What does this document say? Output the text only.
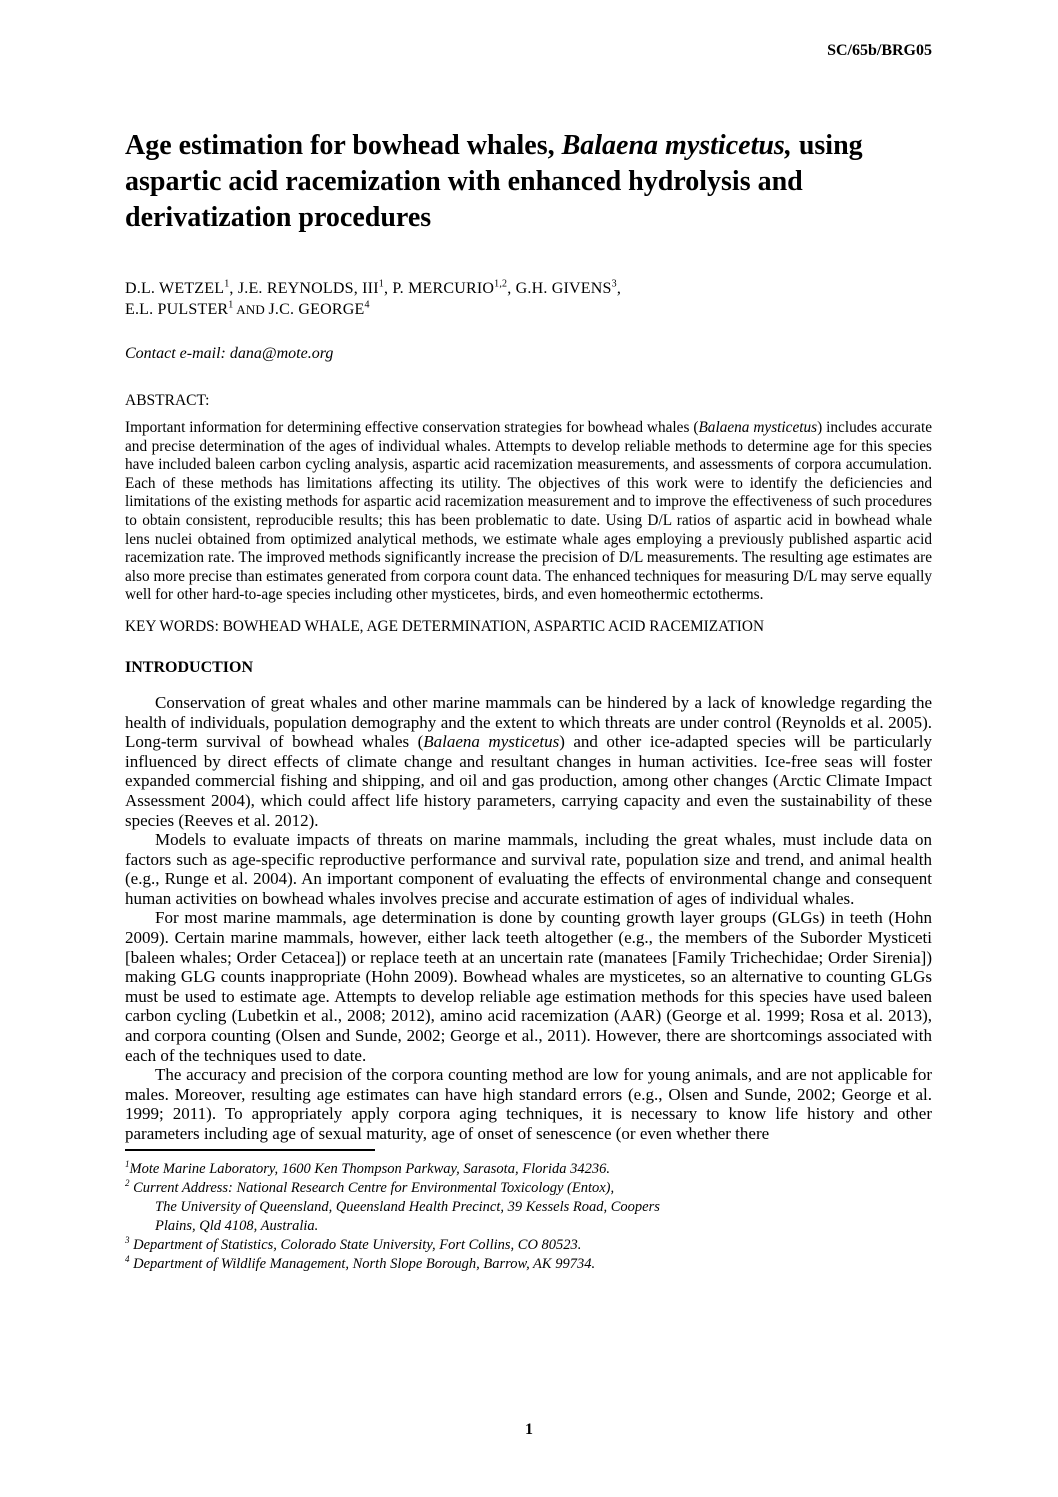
SC/65b/BRG05
Age estimation for bowhead whales, Balaena mysticetus, using aspartic acid racemization with enhanced hydrolysis and derivatization procedures
D.L. WETZEL$^1$, J.E. REYNOLDS, III$^1$, P. MERCURIO$^{1,2}$, G.H. GIVENS$^3$,
E.L. PULSTER$^1$ AND J.C. GEORGE$^4$
Contact e-mail: dana@mote.org
ABSTRACT:

Important information for determining effective conservation strategies for bowhead whales (Balaena mysticetus) includes accurate and precise determination of the ages of individual whales. Attempts to develop reliable methods to determine age for this species have included baleen carbon cycling analysis, aspartic acid racemization measurements, and assessments of corpora accumulation. Each of these methods has limitations affecting its utility. The objectives of this work were to identify the deficiencies and limitations of the existing methods for aspartic acid racemization measurement and to improve the effectiveness of such procedures to obtain consistent, reproducible results; this has been problematic to date. Using D/L ratios of aspartic acid in bowhead whale lens nuclei obtained from optimized analytical methods, we estimate whale ages employing a previously published aspartic acid racemization rate. The improved methods significantly increase the precision of D/L measurements. The resulting age estimates are also more precise than estimates generated from corpora count data. The enhanced techniques for measuring D/L may serve equally well for other hard-to-age species including other mysticetes, birds, and even homeothermic ectotherms.

KEY WORDS: BOWHEAD WHALE, AGE DETERMINATION, ASPARTIC ACID RACEMIZATION
INTRODUCTION

Conservation of great whales and other marine mammals can be hindered by a lack of knowledge regarding the health of individuals, population demography and the extent to which threats are under control (Reynolds et al. 2005). Long-term survival of bowhead whales (Balaena mysticetus) and other ice-adapted species will be particularly influenced by direct effects of climate change and resultant changes in human activities. Ice-free seas will foster expanded commercial fishing and shipping, and oil and gas production, among other changes (Arctic Climate Impact Assessment 2004), which could affect life history parameters, carrying capacity and even the sustainability of these species (Reeves et al. 2012).

Models to evaluate impacts of threats on marine mammals, including the great whales, must include data on factors such as age-specific reproductive performance and survival rate, population size and trend, and animal health (e.g., Runge et al. 2004). An important component of evaluating the effects of environmental change and consequent human activities on bowhead whales involves precise and accurate estimation of ages of individual whales.

For most marine mammals, age determination is done by counting growth layer groups (GLGs) in teeth (Hohn 2009). Certain marine mammals, however, either lack teeth altogether (e.g., the members of the Suborder Mysticeti [baleen whales; Order Cetacea]) or replace teeth at an uncertain rate (manatees [Family Trichechidae; Order Sirenia]) making GLG counts inappropriate (Hohn 2009). Bowhead whales are mysticetes, so an alternative to counting GLGs must be used to estimate age. Attempts to develop reliable age estimation methods for this species have used baleen carbon cycling (Lubetkin et al., 2008; 2012), amino acid racemization (AAR) (George et al. 1999; Rosa et al. 2013), and corpora counting (Olsen and Sunde, 2002; George et al., 2011). However, there are shortcomings associated with each of the techniques used to date.

The accuracy and precision of the corpora counting method are low for young animals, and are not applicable for males. Moreover, resulting age estimates can have high standard errors (e.g., Olsen and Sunde, 2002; George et al. 1999; 2011). To appropriately apply corpora aging techniques, it is necessary to know life history and other parameters including age of sexual maturity, age of onset of senescence (or even whether there

$^1$Mote Marine Laboratory, 1600 Ken Thompson Parkway, Sarasota, Florida 34236.
$^2$ Current Address: National Research Centre for Environmental Toxicology (Entox),
The University of Queensland, Queensland Health Precinct, 39 Kessels Road, Coopers
Plains, Qld 4108, Australia.
$^3$ Department of Statistics, Colorado State University, Fort Collins, CO 80523.
$^4$ Department of Wildlife Management, North Slope Borough, Barrow, AK 99734.
1
